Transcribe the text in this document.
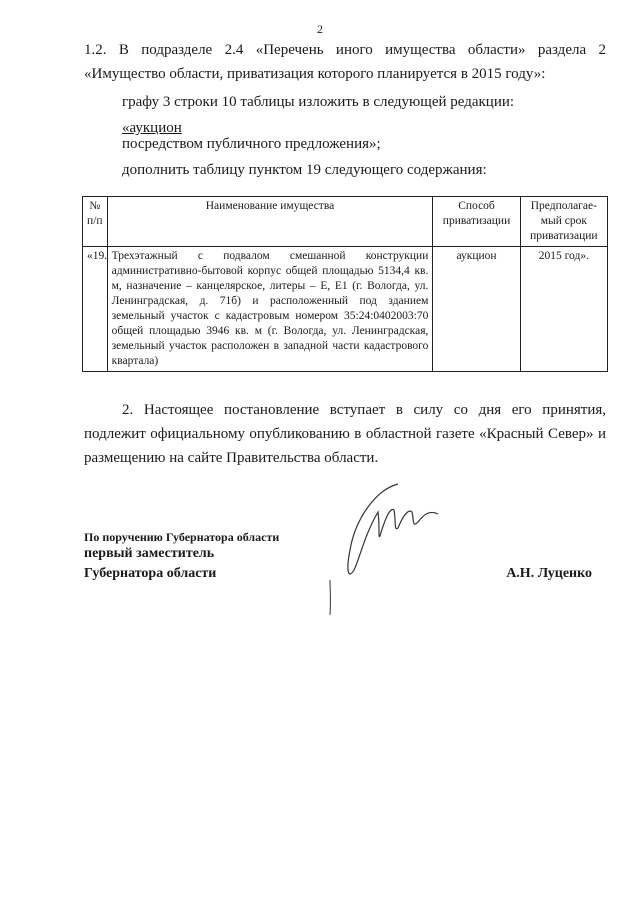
2
1.2. В подразделе 2.4 «Перечень иного имущества области» раздела 2
«Имущество области, приватизация которого планируется в 2015 году»:
графу 3 строки 10 таблицы изложить в следующей редакции:
«аукцион
посредством публичного предложения»;
дополнить таблицу пунктом 19 следующего содержания:
№ п/п	Наименование имущества	Способ приватизации	Предполагае-мый срок приватизации
«19.	Трехэтажный с подвалом смешанной конструкции административно-бытовой корпус общей площадью 5134,4 кв. м, назначение – канцелярское, литеры – Е, Е1 (г. Вологда, ул. Ленинградская, д. 71б) и расположенный под зданием земельный участок с кадастровым номером 35:24:0402003:70 общей площадью 3946 кв. м (г. Вологда, ул. Ленинградская, земельный участок расположен в западной части кадастрового квартала)	аукцион	2015 год».
2. Настоящее постановление вступает в силу со дня его принятия, подлежит официальному опубликованию в областной газете «Красный Север» и размещению на сайте Правительства области.
По поручению Губернатора области
первый заместитель
Губернатора области	А.Н. Луценко
